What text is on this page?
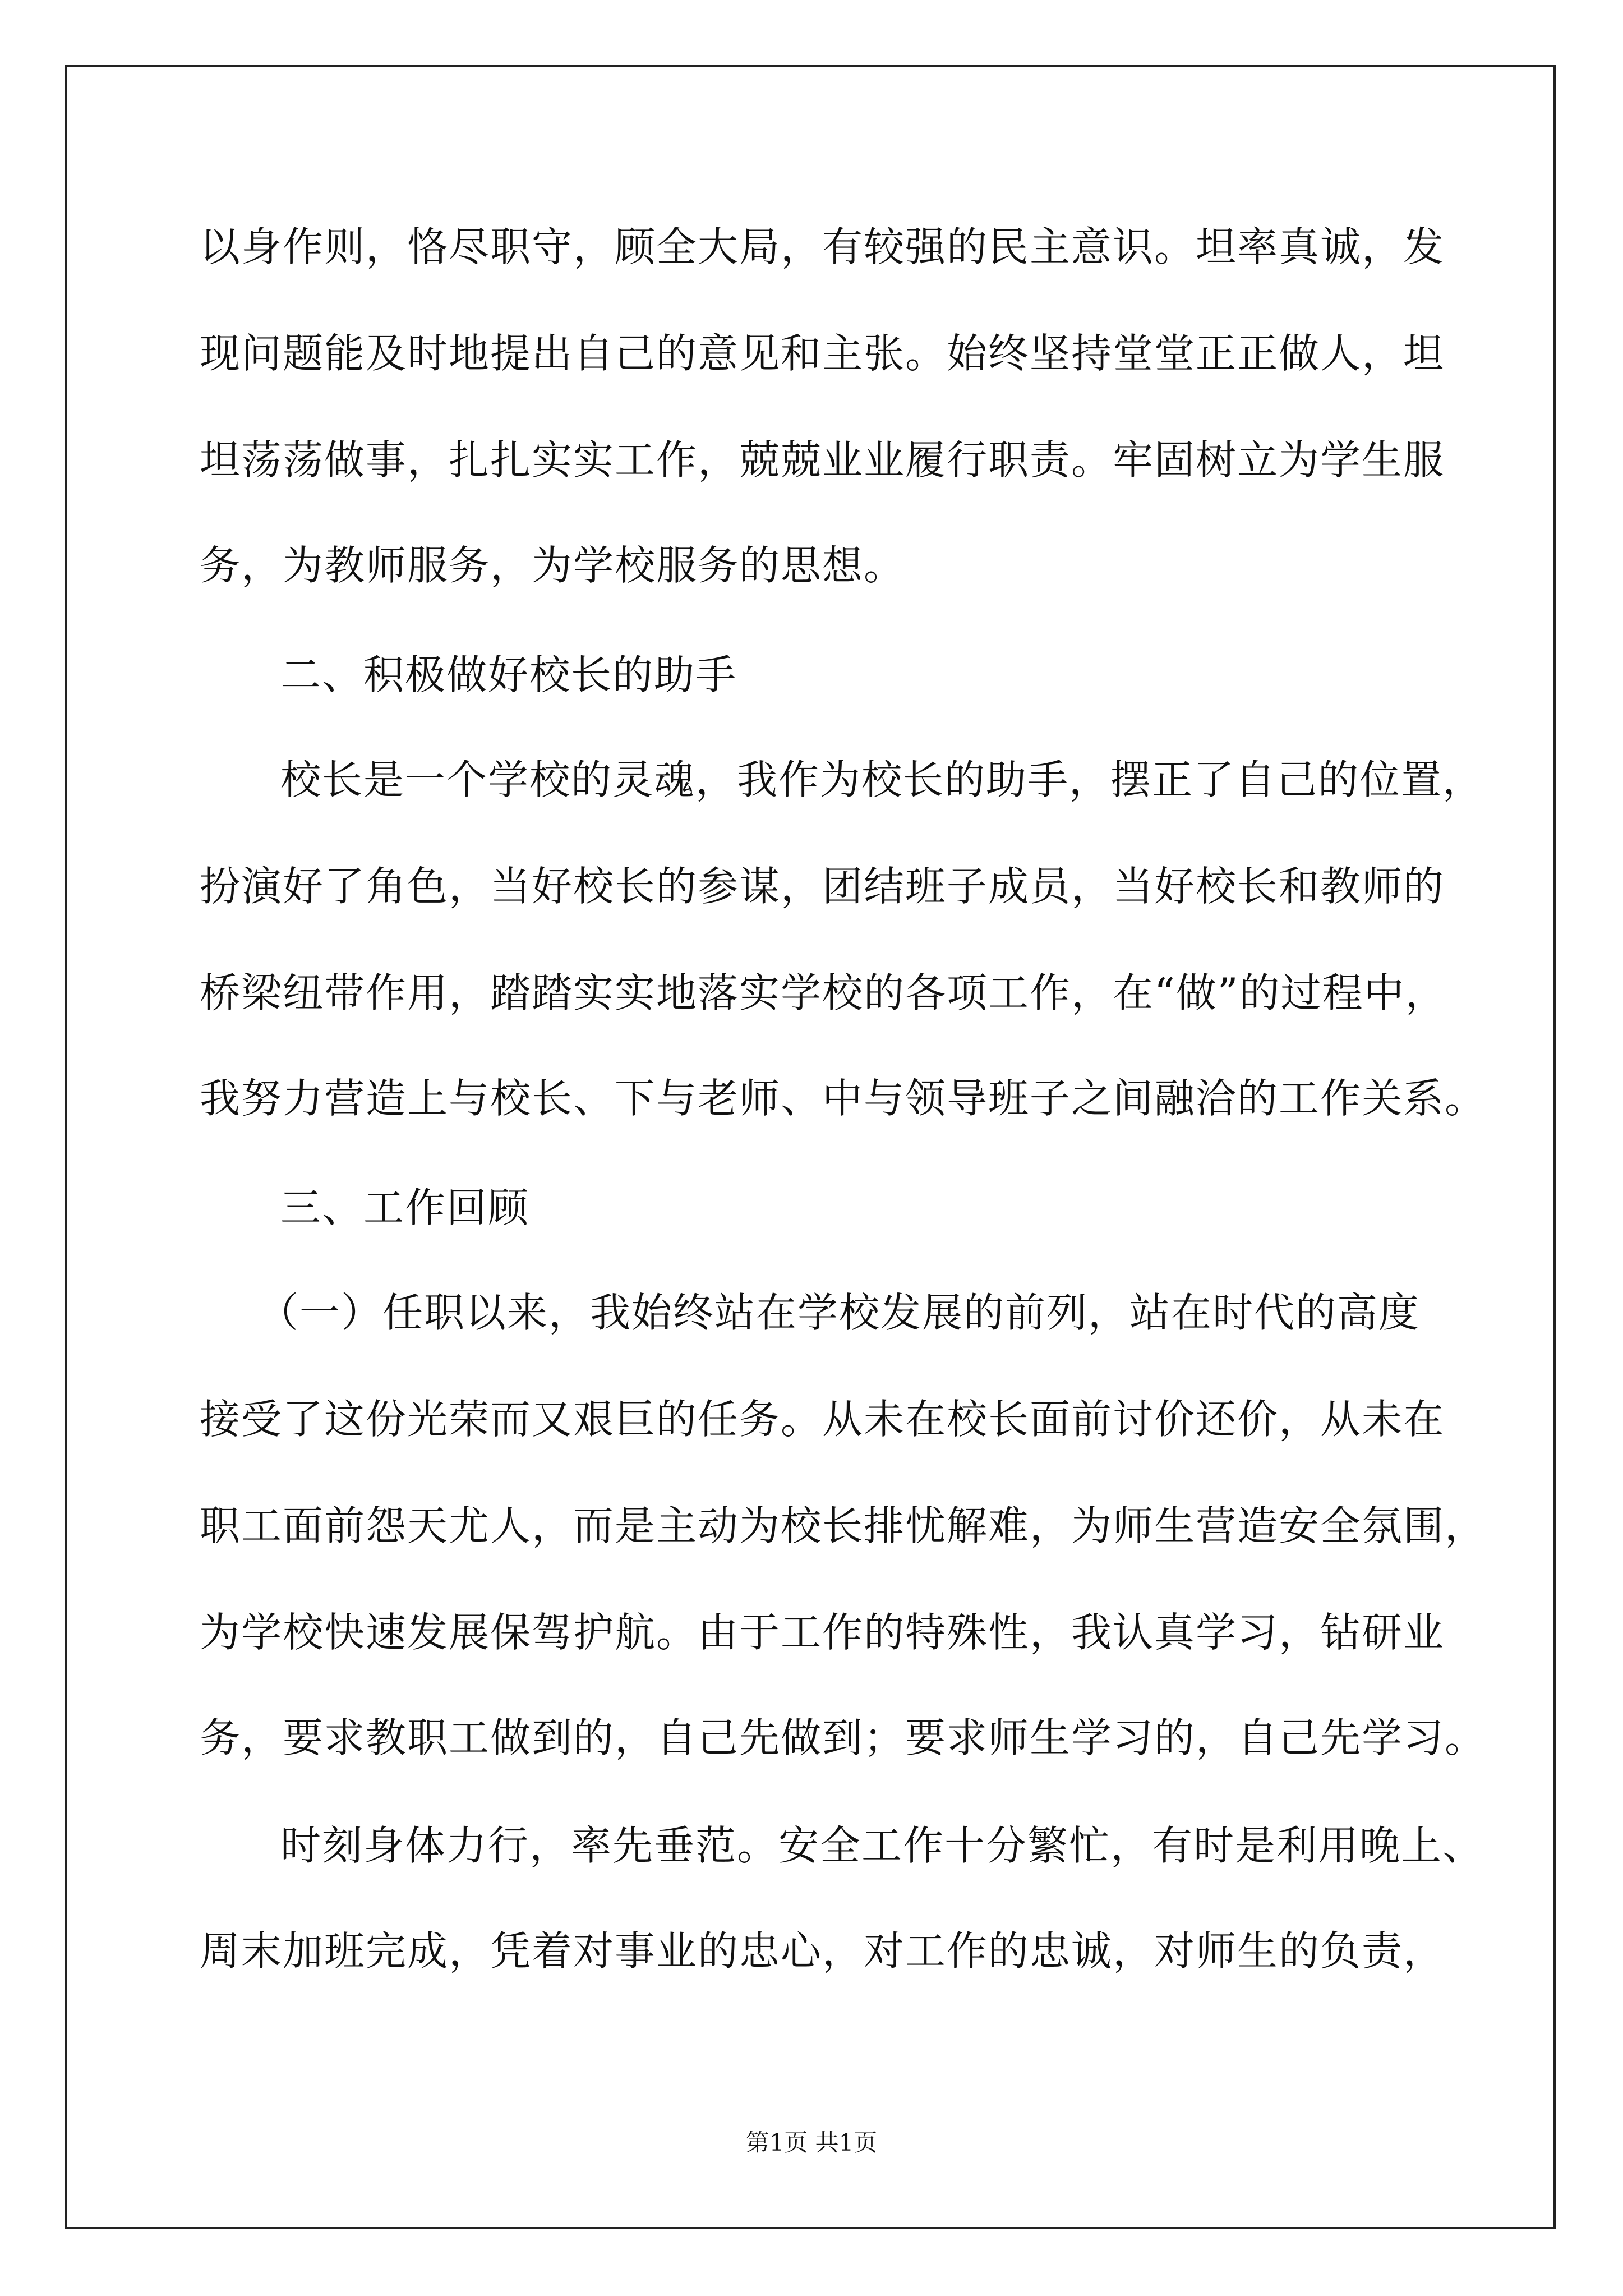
以身作则，恪尽职守，顾全大局，有较强的民主意识。坦率真诚，发
现问题能及时地提出自己的意见和主张。始终坚持堂堂正正做人，坦
坦荡荡做事，扎扎实实工作，兢兢业业履行职责。牢固树立为学生服
务，为教师服务，为学校服务的思想。
二、积极做好校长的助手
校长是一个学校的灵魂，我作为校长的助手，摆正了自己的位置，
扮演好了角色，当好校长的参谋，团结班子成员，当好校长和教师的
桥梁纽带作用，踏踏实实地落实学校的各项工作，在“做”的过程中，
我努力营造上与校长、下与老师、中与领导班子之间融洽的工作关系。
三、工作回顾
（一）任职以来，我始终站在学校发展的前列，站在时代的高度
接受了这份光荣而又艰巨的任务。从未在校长面前讨价还价，从未在
职工面前怨天尤人，而是主动为校长排忧解难，为师生营造安全氛围，
为学校快速发展保驾护航。由于工作的特殊性，我认真学习，钻研业
务，要求教职工做到的，自己先做到；要求师生学习的，自己先学习。
时刻身体力行，率先垂范。安全工作十分繁忙，有时是利用晚上、
周末加班完成，凭着对事业的忠心，对工作的忠诚，对师生的负责，
第1页 共1页
